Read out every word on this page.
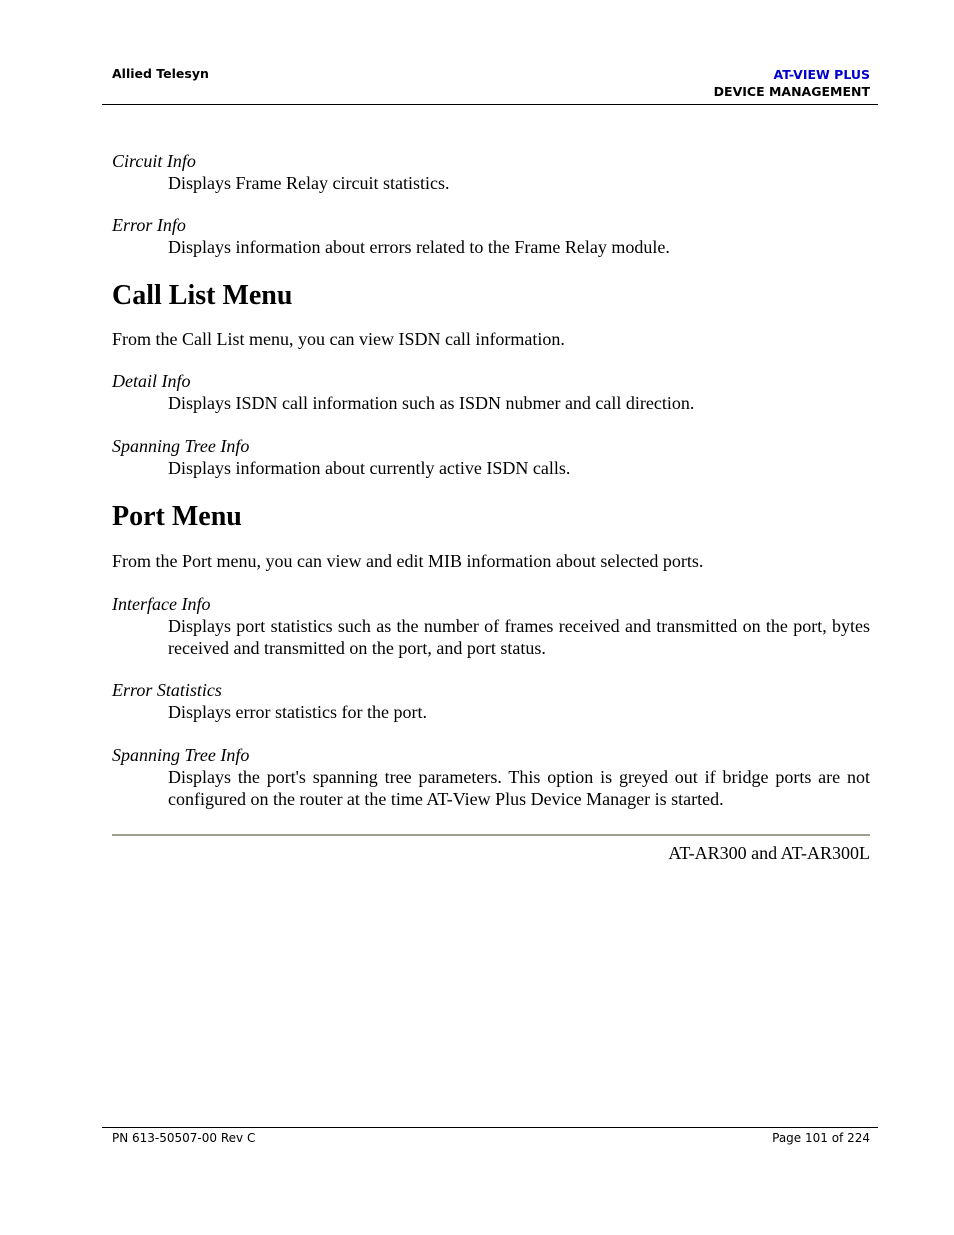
Allied Telesyn	AT-VIEW PLUS
DEVICE MANAGEMENT
Circuit Info
Displays Frame Relay circuit statistics.
Error Info
Displays information about errors related to the Frame Relay module.
Call List Menu
From the Call List menu, you can view ISDN call information.
Detail Info
Displays ISDN call information such as ISDN nubmer and call direction.
Spanning Tree Info
Displays information about currently active ISDN calls.
Port Menu
From the Port menu, you can view and edit MIB information about selected ports.
Interface Info
Displays port statistics such as the number of frames received and transmitted on the port, bytes received and transmitted on the port, and port status.
Error Statistics
Displays error statistics for the port.
Spanning Tree Info
Displays the port's spanning tree parameters. This option is greyed out if bridge ports are not configured on the router at the time AT-View Plus Device Manager is started.
AT-AR300 and AT-AR300L
PN 613-50507-00 Rev C	Page 101 of 224
